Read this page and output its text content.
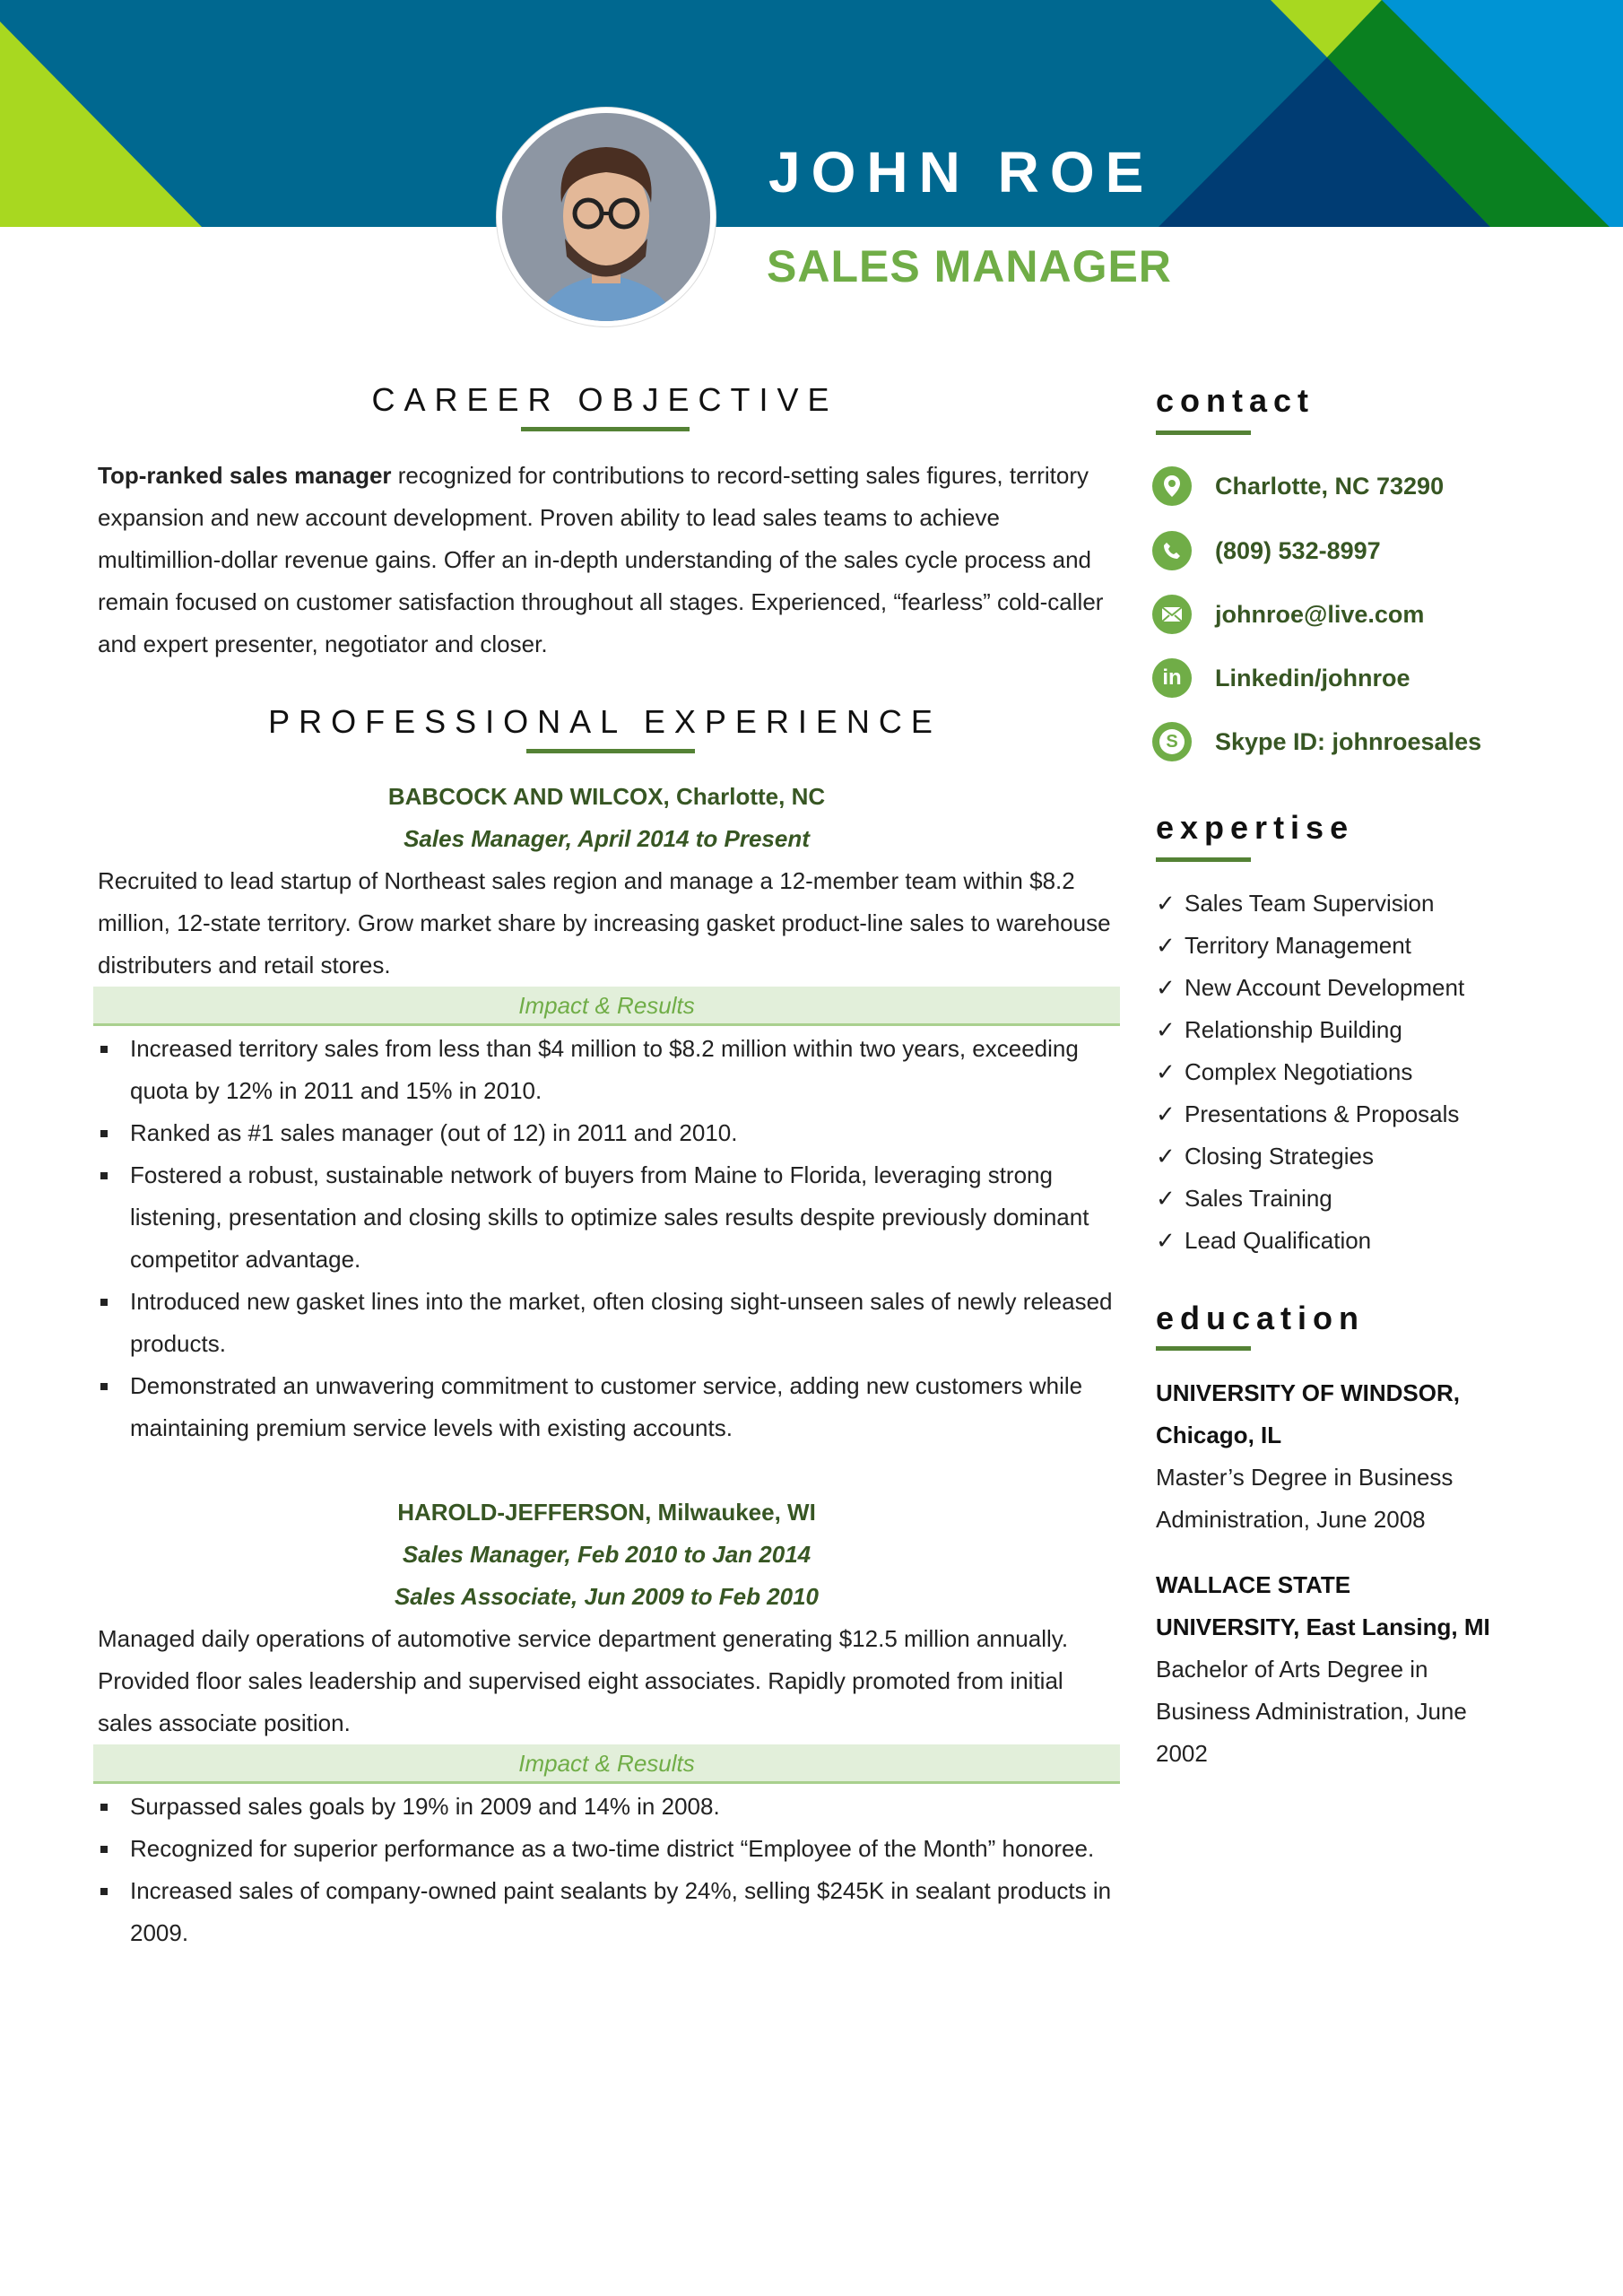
JOHN ROE
SALES MANAGER
CAREER OBJECTIVE
Top-ranked sales manager recognized for contributions to record-setting sales figures, territory expansion and new account development. Proven ability to lead sales teams to achieve multimillion-dollar revenue gains. Offer an in-depth understanding of the sales cycle process and remain focused on customer satisfaction throughout all stages. Experienced, “fearless” cold-caller and expert presenter, negotiator and closer.
PROFESSIONAL EXPERIENCE
BABCOCK AND WILCOX, Charlotte, NC
Sales Manager, April 2014 to Present
Recruited to lead startup of Northeast sales region and manage a 12-member team within $8.2 million, 12-state territory. Grow market share by increasing gasket product-line sales to warehouse distributers and retail stores.
Impact & Results
Increased territory sales from less than $4 million to $8.2 million within two years, exceeding quota by 12% in 2011 and 15% in 2010.
Ranked as #1 sales manager (out of 12) in 2011 and 2010.
Fostered a robust, sustainable network of buyers from Maine to Florida, leveraging strong listening, presentation and closing skills to optimize sales results despite previously dominant competitor advantage.
Introduced new gasket lines into the market, often closing sight-unseen sales of newly released products.
Demonstrated an unwavering commitment to customer service, adding new customers while maintaining premium service levels with existing accounts.
HAROLD-JEFFERSON, Milwaukee, WI
Sales Manager, Feb 2010 to Jan 2014
Sales Associate, Jun 2009 to Feb 2010
Managed daily operations of automotive service department generating $12.5 million annually. Provided floor sales leadership and supervised eight associates. Rapidly promoted from initial sales associate position.
Impact & Results
Surpassed sales goals by 19% in 2009 and 14% in 2008.
Recognized for superior performance as a two-time district “Employee of the Month” honoree.
Increased sales of company-owned paint sealants by 24%, selling $245K in sealant products in 2009.
contact
Charlotte, NC 73290
(809) 532-8997
johnroe@live.com
in	Linkedin/johnroe
S Skype ID: johnroesales
expertise
✓ Sales Team Supervision
✓ Territory Management
✓ New Account Development
✓ Relationship Building
✓ Complex Negotiations
✓ Presentations & Proposals
✓ Closing Strategies
✓ Sales Training
✓ Lead Qualification
education
UNIVERSITY OF WINDSOR,
Chicago, IL
Master’s Degree in Business Administration, June 2008
WALLACE STATE
UNIVERSITY, East Lansing, MI
Bachelor of Arts Degree in Business Administration, June 2002
